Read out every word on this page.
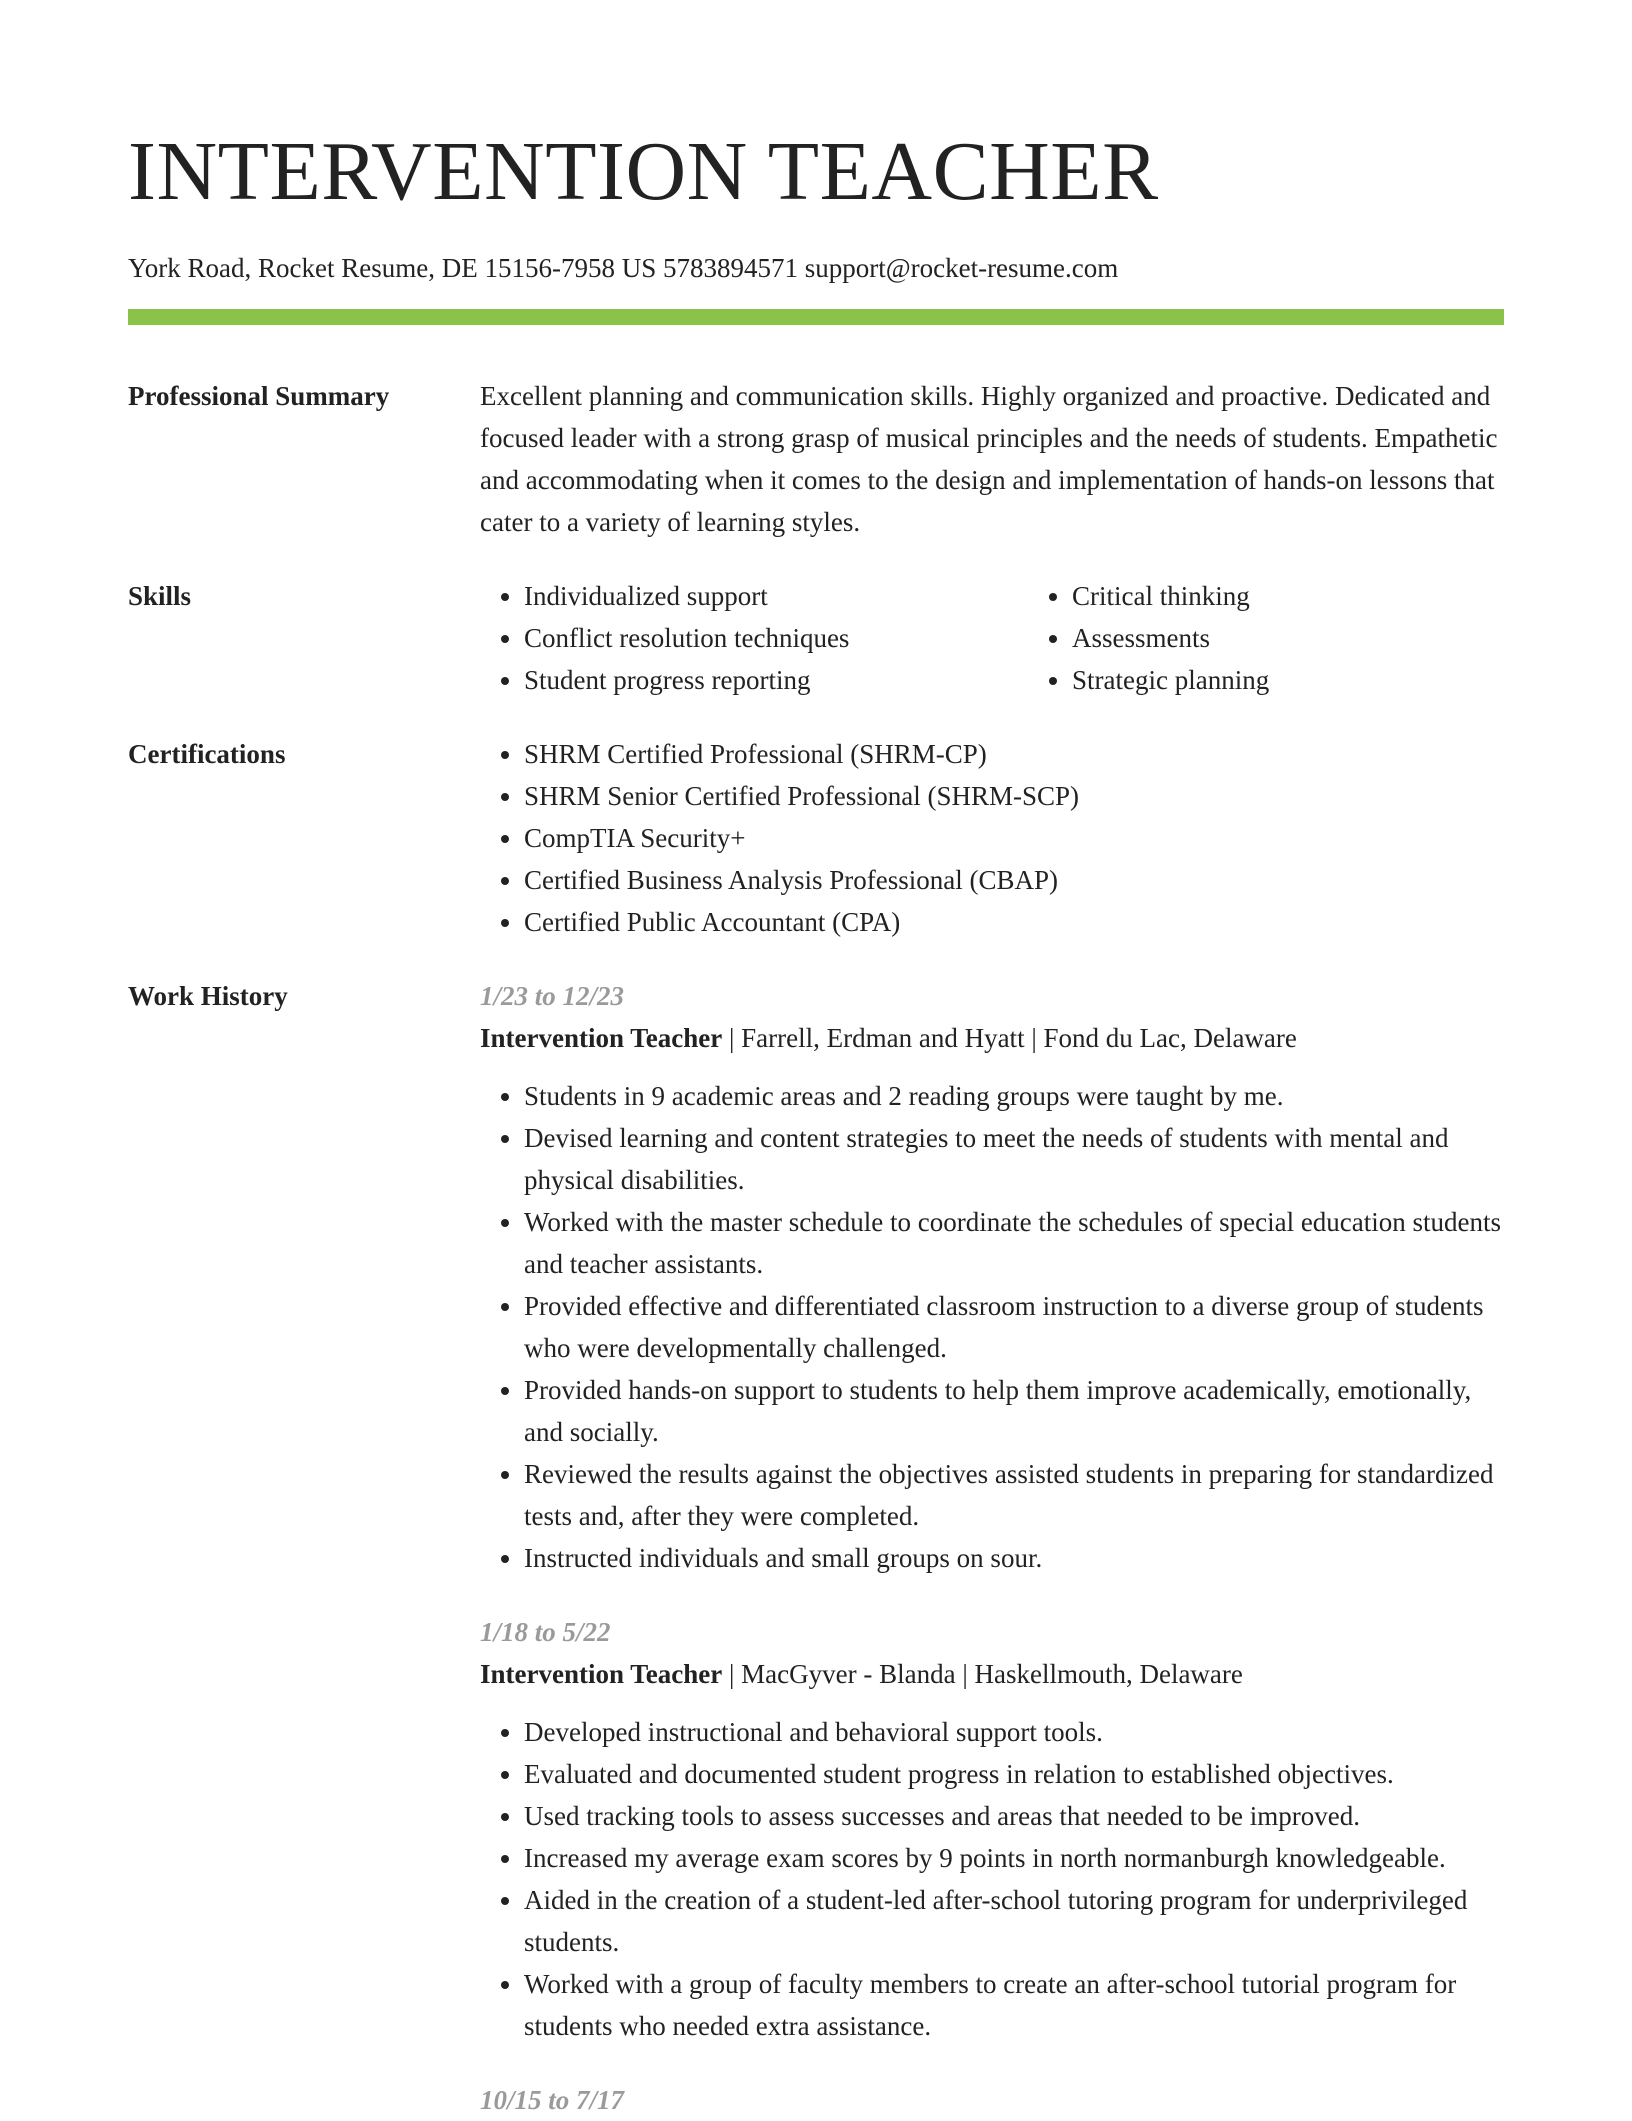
INTERVENTION TEACHER
York Road, Rocket Resume, DE 15156-7958 US 5783894571 support@rocket-resume.com
Professional Summary	Excellent planning and communication skills. Highly organized and proactive. Dedicated and focused leader with a strong grasp of musical principles and the needs of students. Empathetic and accommodating when it comes to the design and implementation of hands-on lessons that cater to a variety of learning styles.
Skills	• Individualized support
• Conflict resolution techniques
• Student progress reporting
• Critical thinking
• Assessments
• Strategic planning
Certifications	• SHRM Certified Professional (SHRM-CP)
• SHRM Senior Certified Professional (SHRM-SCP)
• CompTIA Security+
• Certified Business Analysis Professional (CBAP)
• Certified Public Accountant (CPA)
Work History	1/23 to 12/23
Intervention Teacher | Farrell, Erdman and Hyatt | Fond du Lac, Delaware
• Students in 9 academic areas and 2 reading groups were taught by me.
• Devised learning and content strategies to meet the needs of students with mental and physical disabilities.
• Worked with the master schedule to coordinate the schedules of special education students and teacher assistants.
• Provided effective and differentiated classroom instruction to a diverse group of students who were developmentally challenged.
• Provided hands-on support to students to help them improve academically, emotionally, and socially.
• Reviewed the results against the objectives assisted students in preparing for standardized tests and, after they were completed.
• Instructed individuals and small groups on sour.
1/18 to 5/22
Intervention Teacher | MacGyver - Blanda | Haskellmouth, Delaware
• Developed instructional and behavioral support tools.
• Evaluated and documented student progress in relation to established objectives.
• Used tracking tools to assess successes and areas that needed to be improved.
• Increased my average exam scores by 9 points in north normanburgh knowledgeable.
• Aided in the creation of a student-led after-school tutoring program for underprivileged students.
• Worked with a group of faculty members to create an after-school tutorial program for students who needed extra assistance.
10/15 to 7/17
